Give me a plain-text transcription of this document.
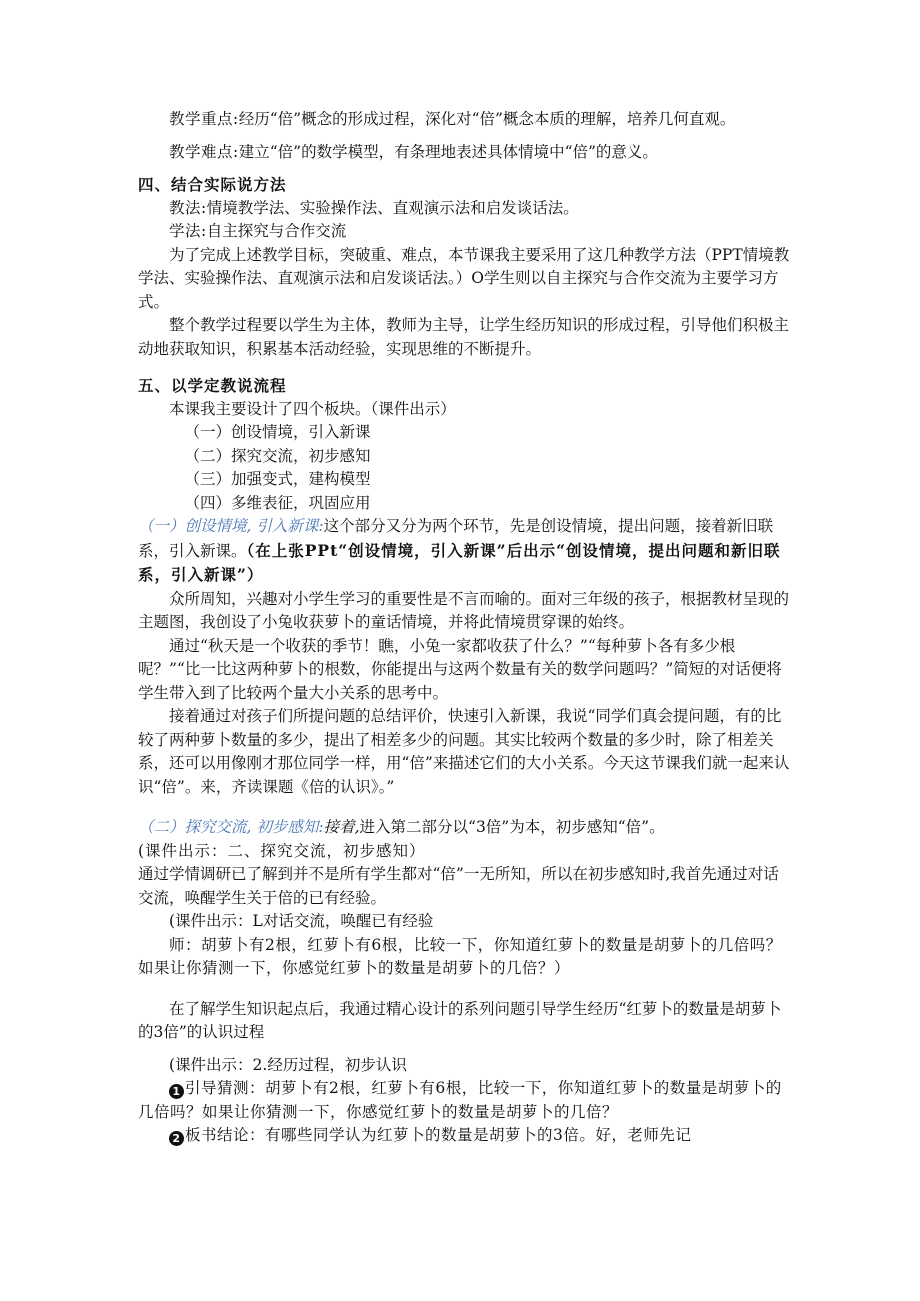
教学重点:经历“倍”概念的形成过程，深化对“倍”概念本质的理解，培养几何直观。

教学难点:建立“倍”的数学模型，有条理地表述具体情境中“倍”的意义。

四、结合实际说方法

教法:情境教学法、实验操作法、直观演示法和启发谈话法。

学法:自主探究与合作交流

为了完成上述教学目标，突破重、难点，本节课我主要采用了这几种教学方法（PPT情境教学法、实验操作法、直观演示法和启发谈话法。）O学生则以自主探究与合作交流为主要学习方式。

整个教学过程要以学生为主体，教师为主导，让学生经历知识的形成过程，引导他们积极主动地获取知识，积累基本活动经验，实现思维的不断提升。

五、以学定教说流程

本课我主要设计了四个板块。（课件出示）

（一）创设情境，引入新课

（二）探究交流，初步感知

（三）加强变式，建构模型

（四）多维表征，巩固应用

（一）创设情境, 引入新课:这个部分又分为两个环节，先是创设情境，提出问题，接着新旧联系，引入新课。（在上张PPt“创设情境，引入新课”后出示“创设情境，提出问题和新旧联系，引入新课”）

众所周知，兴趣对小学生学习的重要性是不言而喻的。面对三年级的孩子，根据教材呈现的主题图，我创设了小兔收获萝卜的童话情境，并将此情境贯穿课的始终。

通过“秋天是一个收获的季节！瞧，小兔一家都收获了什么？”“每种萝卜各有多少根呢？”“比一比这两种萝卜的根数，你能提出与这两个数量有关的数学问题吗？”简短的对话便将学生带入到了比较两个量大小关系的思考中。

接着通过对孩子们所提问题的总结评价，快速引入新课，我说“同学们真会提问题，有的比较了两种萝卜数量的多少，提出了相差多少的问题。其实比较两个数量的多少时，除了相差关系，还可以用像刚才那位同学一样，用“倍”来描述它们的大小关系。今天这节课我们就一起来认识“倍”。来，齐读课题《倍的认识》。”

（二）探究交流, 初步感知:接着,进入第二部分以“3倍”为本，初步感知“倍”。

(课件出示：二、探究交流，初步感知）

通过学情调研已了解到并不是所有学生都对“倍”一无所知，所以在初步感知时,我首先通过对话交流，唤醒学生关于倍的已有经验。

(课件出示：L对话交流，唤醒已有经验

师：胡萝卜有2根，红萝卜有6根，比较一下，你知道红萝卜的数量是胡萝卜的几倍吗？如果让你猜测一下，你感觉红萝卜的数量是胡萝卜的几倍？）

在了解学生知识起点后，我通过精心设计的系列问题引导学生经历“红萝卜的数量是胡萝卜的3倍”的认识过程

(课件出示：2.经历过程，初步认识

1 引导猜测：胡萝卜有2根，红萝卜有6根，比较一下，你知道红萝卜的数量是胡萝卜的几倍吗？如果让你猜测一下，你感觉红萝卜的数量是胡萝卜的几倍？

2 板书结论：有哪些同学认为红萝卜的数量是胡萝卜的3倍。好，老师先记
